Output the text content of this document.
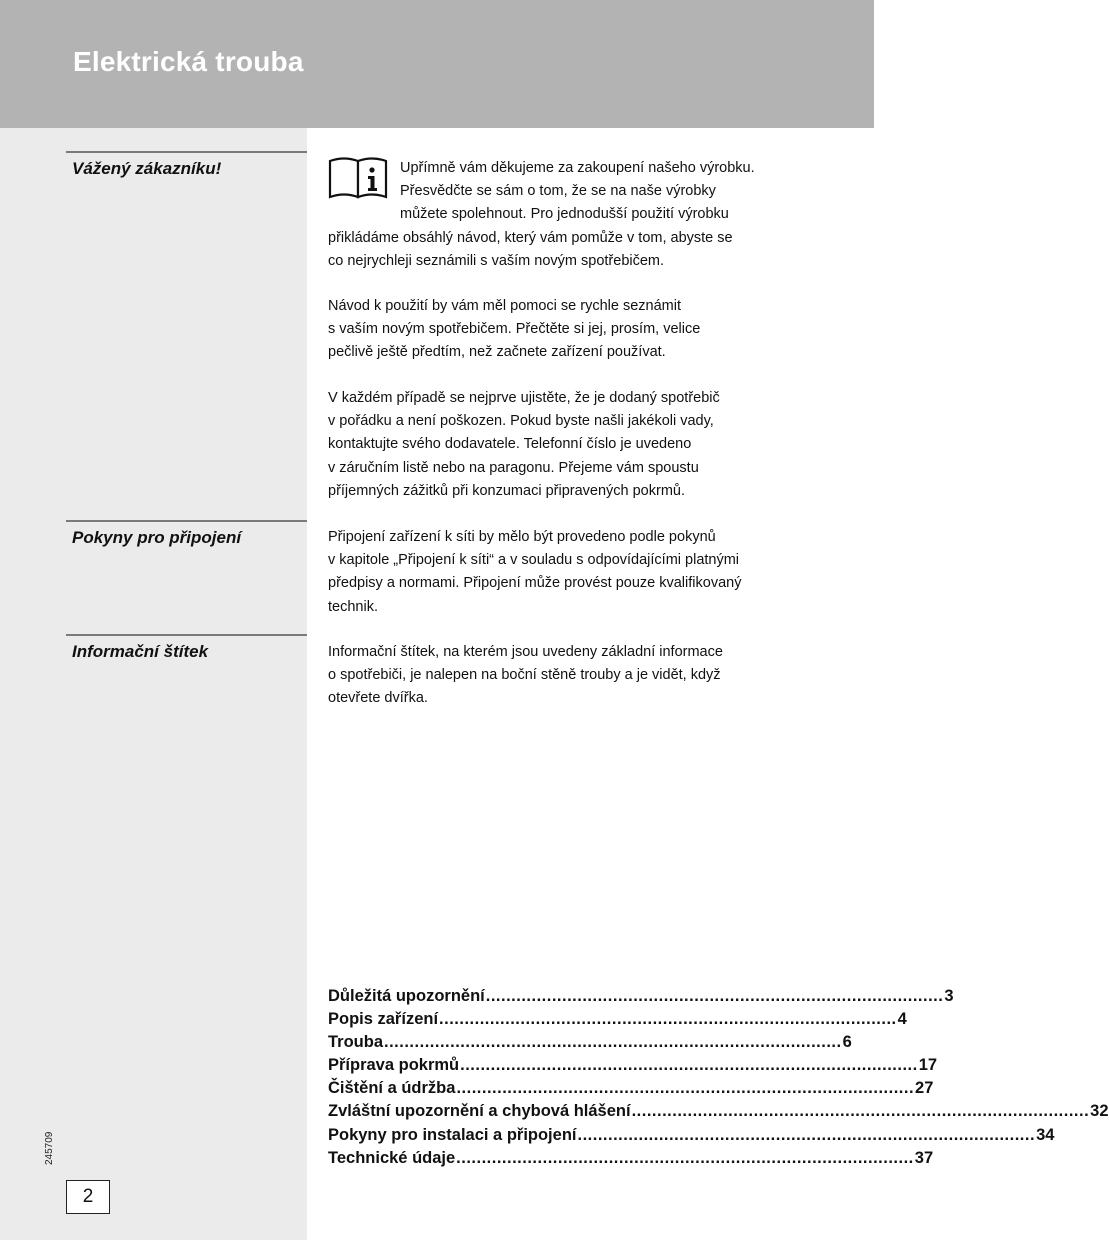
Elektrická trouba
Vážený zákazníku!	Upřímně vám děkujeme za zakoupení našeho výrobku.
Přesvědčte se sám o tom, že se na naše výrobky
můžete spolehnout. Pro jednodušší použití výrobku
přikládáme obsáhlý návod, který vám pomůže v tom, abyste se
co nejrychleji seznámili s vaším novým spotřebičem.
Návod k použití by vám měl pomoci se rychle seznámit
s vaším novým spotřebičem. Přečtěte si jej, prosím, velice
pečlivě ještě předtím, než začnete zařízení používat.
V každém případě se nejprve ujistěte, že je dodaný spotřebič
v pořádku a není poškozen. Pokud byste našli jakékoli vady,
kontaktujte svého dodavatele. Telefonní číslo je uvedeno
v záručním listě nebo na paragonu. Přejeme vám spoustu
příjemných zážitků při konzumaci připravených pokrmů.
Pokyny pro připojení	Připojení zařízení k síti by mělo být provedeno podle pokynů
v kapitole „Připojení k síti“ a v souladu s odpovídajícími platnými
předpisy a normami. Připojení může provést pouze kvalifikovaný
technik.
Informační štítek	Informační štítek, na kterém jsou uvedeny základní informace
o spotřebiči, je nalepen na boční stěně trouby a je vidět, když
otevřete dvířka.
Důležitá upozornění .......................................................................................... 3
Popis zařízení .......................................................................................... 4
Trouba .......................................................................................... 6
Příprava pokrmů .......................................................................................... 17
Čištění a údržba .......................................................................................... 27
Zvláštní upozornění a chybová hlášení .......................................................................................... 32
Pokyny pro instalaci a připojení .......................................................................................... 34
Technické údaje .......................................................................................... 37
245709
2
